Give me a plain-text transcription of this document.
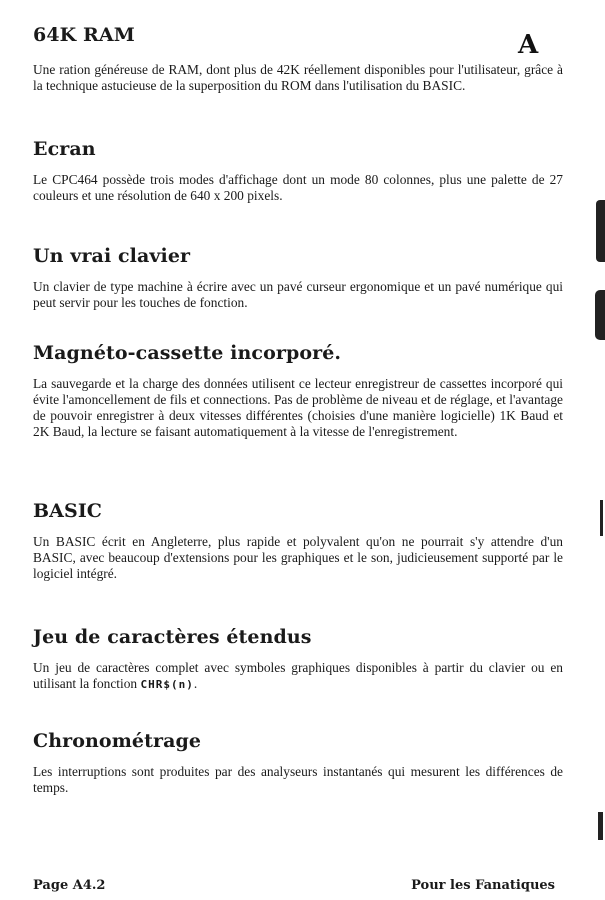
A
64K RAM

Une ration généreuse de RAM, dont plus de 42K réellement disponibles pour l'utilisateur, grâce à la technique astucieuse de la superposition du ROM dans l'utilisation du BASIC.

Ecran

Le CPC464 possède trois modes d'affichage dont un mode 80 colonnes, plus une palette de 27 couleurs et une résolution de 640 x 200 pixels.

Un vrai clavier

Un clavier de type machine à écrire avec un pavé curseur ergonomique et un pavé numérique qui peut servir pour les touches de fonction.

Magnéto-cassette incorporé.

La sauvegarde et la charge des données utilisent ce lecteur enregistreur de cassettes incorporé qui évite l'amoncellement de fils et connections. Pas de problème de niveau et de réglage, et l'avantage de pouvoir enregistrer à deux vitesses différentes (choisies d'une manière logicielle) 1K Baud et 2K Baud, la lecture se faisant automatiquement à la vitesse de l'enregistrement.

BASIC

Un BASIC écrit en Angleterre, plus rapide et polyvalent qu'on ne pourrait s'y attendre d'un BASIC, avec beaucoup d'extensions pour les graphiques et le son, judicieusement supporté par le logiciel intégré.

Jeu de caractères étendus

Un jeu de caractères complet avec symboles graphiques disponibles à partir du clavier ou en utilisant la fonction CHR$(n).

Chronométrage

Les interruptions sont produites par des analyseurs instantanés qui mesurent les différences de temps.

Page A4.2	Pour les Fanatiques
